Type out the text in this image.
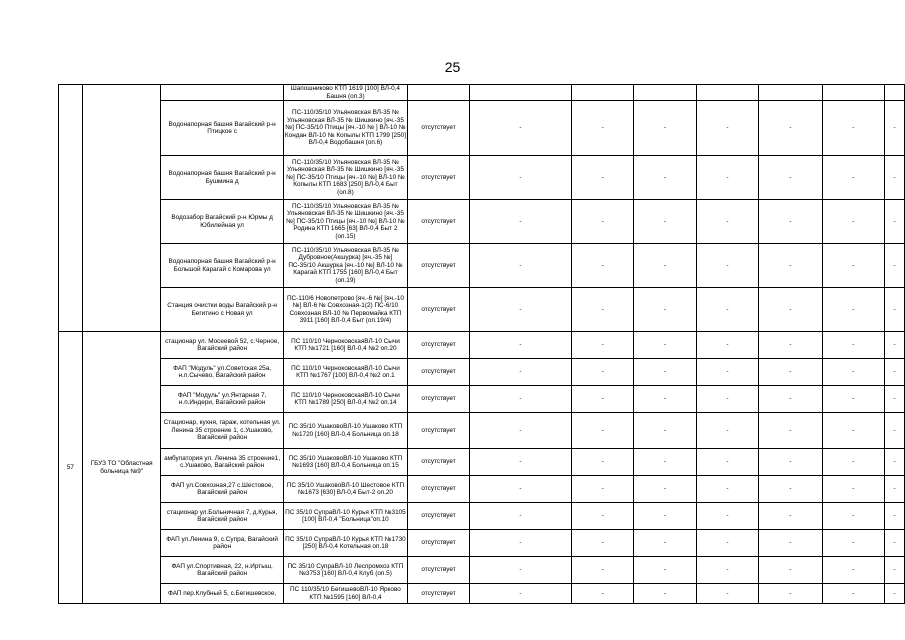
25
			Шапошниково КТП 1619 [100] ВЛ-0,4 Башня (оп.3)								
		Водонапорная башня Вагайский р-н Птицкое с	ПС-110/35/10 Ульяновская ВЛ-35 № Ульяновская ВЛ-35 № Шишкино [яч.-35 №] ПС-35/10 Птицы [яч.-10 № ] ВЛ-10 № Кондан ВЛ-10 № Копылы КТП 1799 [250] ВЛ-0,4 Водобашня (оп.6)	отсутствует	-	-	-	-	-	-	-
		Водонапорная башня Вагайский р-н Бушмина д	ПС-110/35/10 Ульяновская ВЛ-35 № Ульяновская ВЛ-35 № Шишкино [яч.-35 №] ПС-35/10 Птицы [яч.-10 №] ВЛ-10 № Копылы КТП 1683 [250] ВЛ-0,4 Быт (оп.8)	отсутствует	-	-	-	-	-	-	-
		Водозабор Вагайский р-н Юрмы д Юбилейная ул	ПС-110/35/10 Ульяновская ВЛ-35 № Ульяновская ВЛ-35 № Шишкино [яч.-35 №] ПС-35/10 Птицы [яч.-10 №] ВЛ-10 № Родина КТП 1665 [63] ВЛ-0,4 Быт 2 (оп.15)	отсутствует	-	-	-	-	-	-	-
		Водонапорная башня Вагайский р-н Большой Карагай с Комарова ул	ПС-110/35/10 Ульяновская ВЛ-35 № Дубровное(Акшурка) [яч.-35 №] ПС-35/10 Акшурка [яч.-10 №] ВЛ-10 № Карагай КТП 1755 [160] ВЛ-0,4 Быт (оп.19)	отсутствует	-	-	-	-	-	-	-
		Станция очистки воды Вагайский р-н Бегитино с Новая ул	ПС-110/6 Новопетрово [яч.-6 №] [яч.-10 №] ВЛ-6 № Совхозная-1(2) ПС-6/10 Совхозная ВЛ-10 № Первомайка КТП 3911 [160] ВЛ-0,4 Быт (оп.19/4)	отсутствует	-	-	-	-	-	-	-
57	ГБУЗ ТО "Областная больница №9"	стационар ул. Мосеевой 52, с.Черное, Вагайский район	ПС 110/10 ЧерноковскаяВЛ-10 Сычи КТП №1721 [160] ВЛ-0,4 №2 оп.20	отсутствует	-	-	-	-	-	-	-
		ФАП "Модуль" ул.Советская 25а, н.п.Сычево, Вагайский район	ПС 110/10 ЧерноковскаяВЛ-10 Сычи КТП №1767 [100] ВЛ-0,4 №2 оп.1	отсутствует	-	-	-	-	-	-	-
		ФАП "Модуль" ул.Янтарная 7, н.п.Индери, Вагайский район	ПС 110/10 ЧерноковскаяВЛ-10 Сычи КТП №1789 [250] ВЛ-0,4 №2 оп.14	отсутствует	-	-	-	-	-	-	-
		Стационар, кухня, гараж, котельная ул. Ленина 35 строение 1, с.Ушаково, Вагайский район	ПС 35/10 УшаковоВЛ-10 Ушаково КТП №1720 [160] ВЛ-0,4 Больница оп.18	отсутствует	-	-	-	-	-	-	-
		амбулатория ул. Ленина 35 строение1, с.Ушаково, Вагайский район	ПС 35/10 УшаковоВЛ-10 Ушаково КТП №1693 [160] ВЛ-0,4 Больница оп.15	отсутствует	-	-	-	-	-	-	-
		ФАП ул.Совхозная,27 с.Шестовое, Вагайский район	ПС 35/10 УшаковоВЛ-10 Шестовое КТП №1673 [630] ВЛ-0,4 Быт-2 оп.20	отсутствует	-	-	-	-	-	-	-
		стационар ул.Больничная 7, д.Курья, Вагайский район	ПС 35/10 СупраВЛ-10 Курья КТП №3105 [100] ВЛ-0,4 "Больница"оп.10	отсутствует	-	-	-	-	-	-	-
		ФАП ул.Ленина 9, с.Супра, Вагайский район	ПС 35/10 СупраВЛ-10 Курья КТП №1730 [250] ВЛ-0,4 Котельная оп.18	отсутствует	-	-	-	-	-	-	-
		ФАП ул.Спортивная, 22, н.Иртыш, Вагайский район	ПС 35/10 СупраВЛ-10 Леспромхоз КТП №3753 [160] ВЛ-0,4 Клуб (оп.5)	отсутствует	-	-	-	-	-	-	-
		ФАП пер.Клубный 5, с.Бегишевское,	ПС 110/35/10 БегишевоВЛ-10 Ярково КТП №1595 [160] ВЛ-0,4	отсутствует	-	-	-	-	-	-	-
